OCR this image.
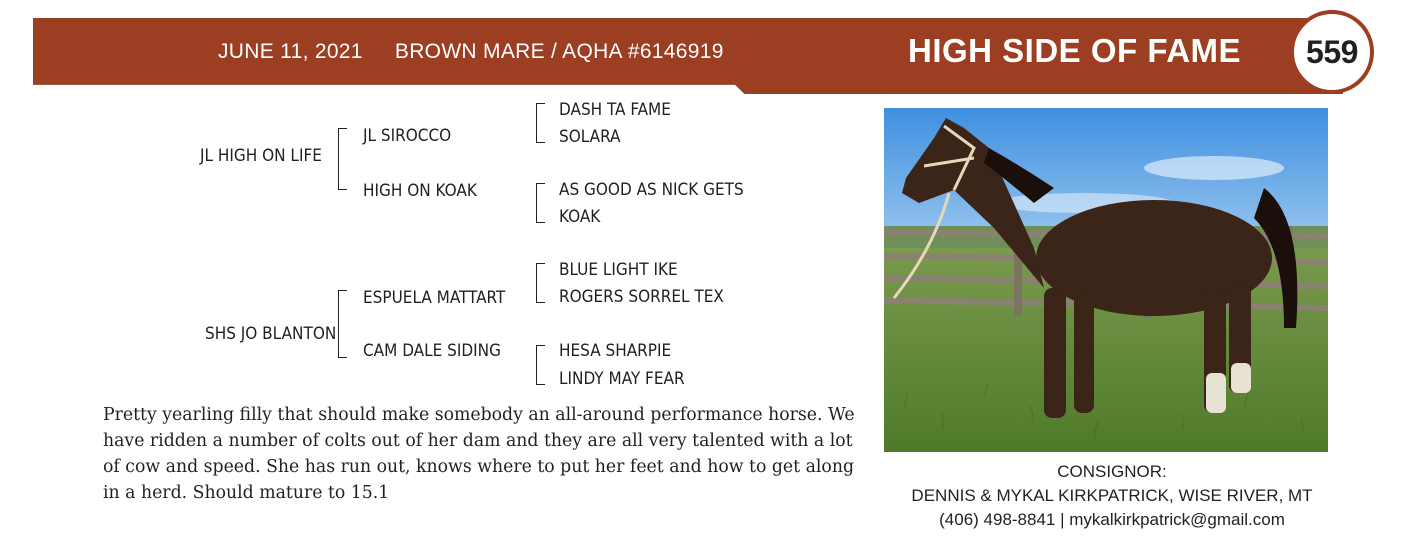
JUNE 11, 2021 BROWN MARE / AQHA #6146919	HIGH SIDE OF FAME 559
JL HIGH ON LIFE
JL SIROCCO
HIGH ON KOAK
DASH TA FAME
SOLARA
AS GOOD AS NICK GETS
KOAK
SHS JO BLANTON
ESPUELA MATTART
CAM DALE SIDING
BLUE LIGHT IKE
ROGERS SORREL TEX
HESA SHARPIE
LINDY MAY FEAR

Pretty yearling filly that should make somebody an all-around performance horse. We have ridden a number of colts out of her dam and they are all very talented with a lot of cow and speed. She has run out, knows where to put her feet and how to get along in a herd. Should mature to 15.1

CONSIGNOR:
DENNIS & MYKAL KIRKPATRICK, WISE RIVER, MT
(406) 498-8841 | mykalkirkpatrick@gmail.com
